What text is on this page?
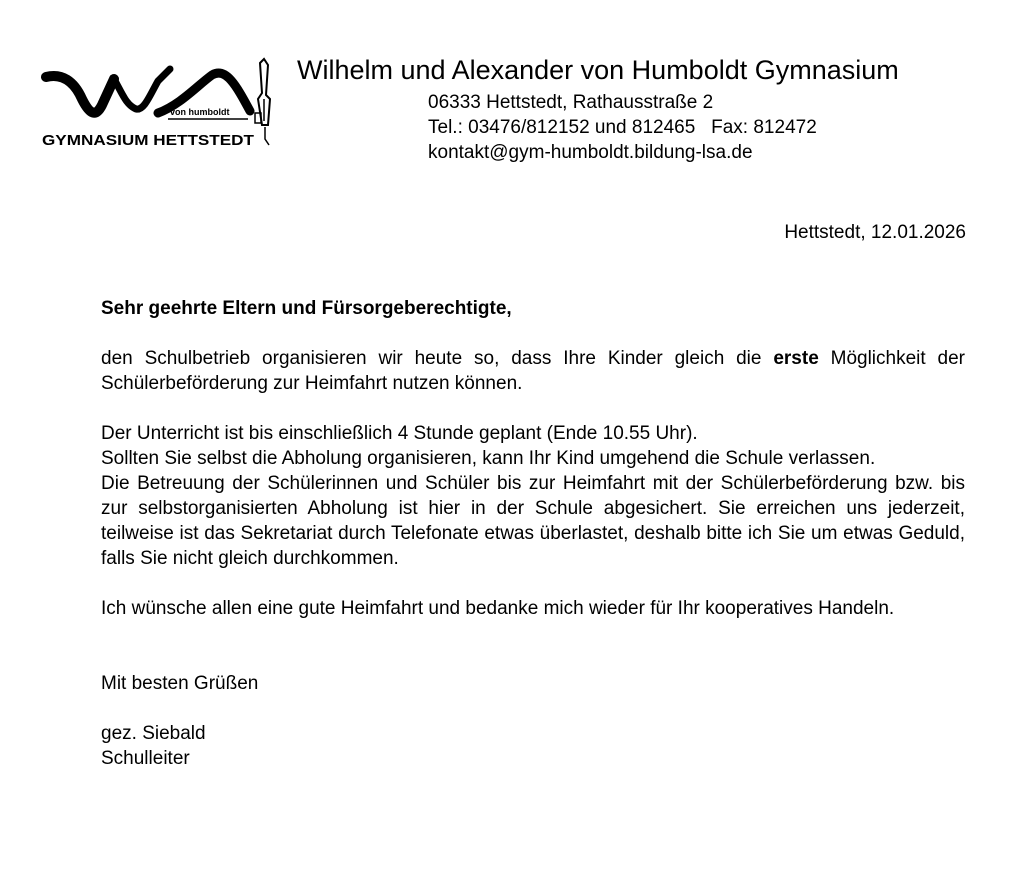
von humboldt
GYMNASIUM HETTSTEDT
Wilhelm und Alexander von Humboldt Gymnasium
06333 Hettstedt, Rathausstraße 2
Tel.: 03476/812152 und 812465   Fax: 812472
kontakt@gym-humboldt.bildung-lsa.de
Hettstedt, 12.01.2026
Sehr geehrte Eltern und Fürsorgeberechtigte,
den Schulbetrieb organisieren wir heute so, dass Ihre Kinder gleich die erste Möglichkeit der Schülerbeförderung zur Heimfahrt nutzen können.
Der Unterricht ist bis einschließlich 4 Stunde geplant (Ende 10.55 Uhr).
Sollten Sie selbst die Abholung organisieren, kann Ihr Kind umgehend die Schule verlassen.
Die Betreuung der Schülerinnen und Schüler bis zur Heimfahrt mit der Schülerbeförderung bzw. bis zur selbstorganisierten Abholung ist hier in der Schule abgesichert. Sie erreichen uns jederzeit, teilweise ist das Sekretariat durch Telefonate etwas überlastet, deshalb bitte ich Sie um etwas Geduld, falls Sie nicht gleich durchkommen.
Ich wünsche allen eine gute Heimfahrt und bedanke mich wieder für Ihr kooperatives Handeln.
Mit besten Grüßen
gez. Siebald
Schulleiter
